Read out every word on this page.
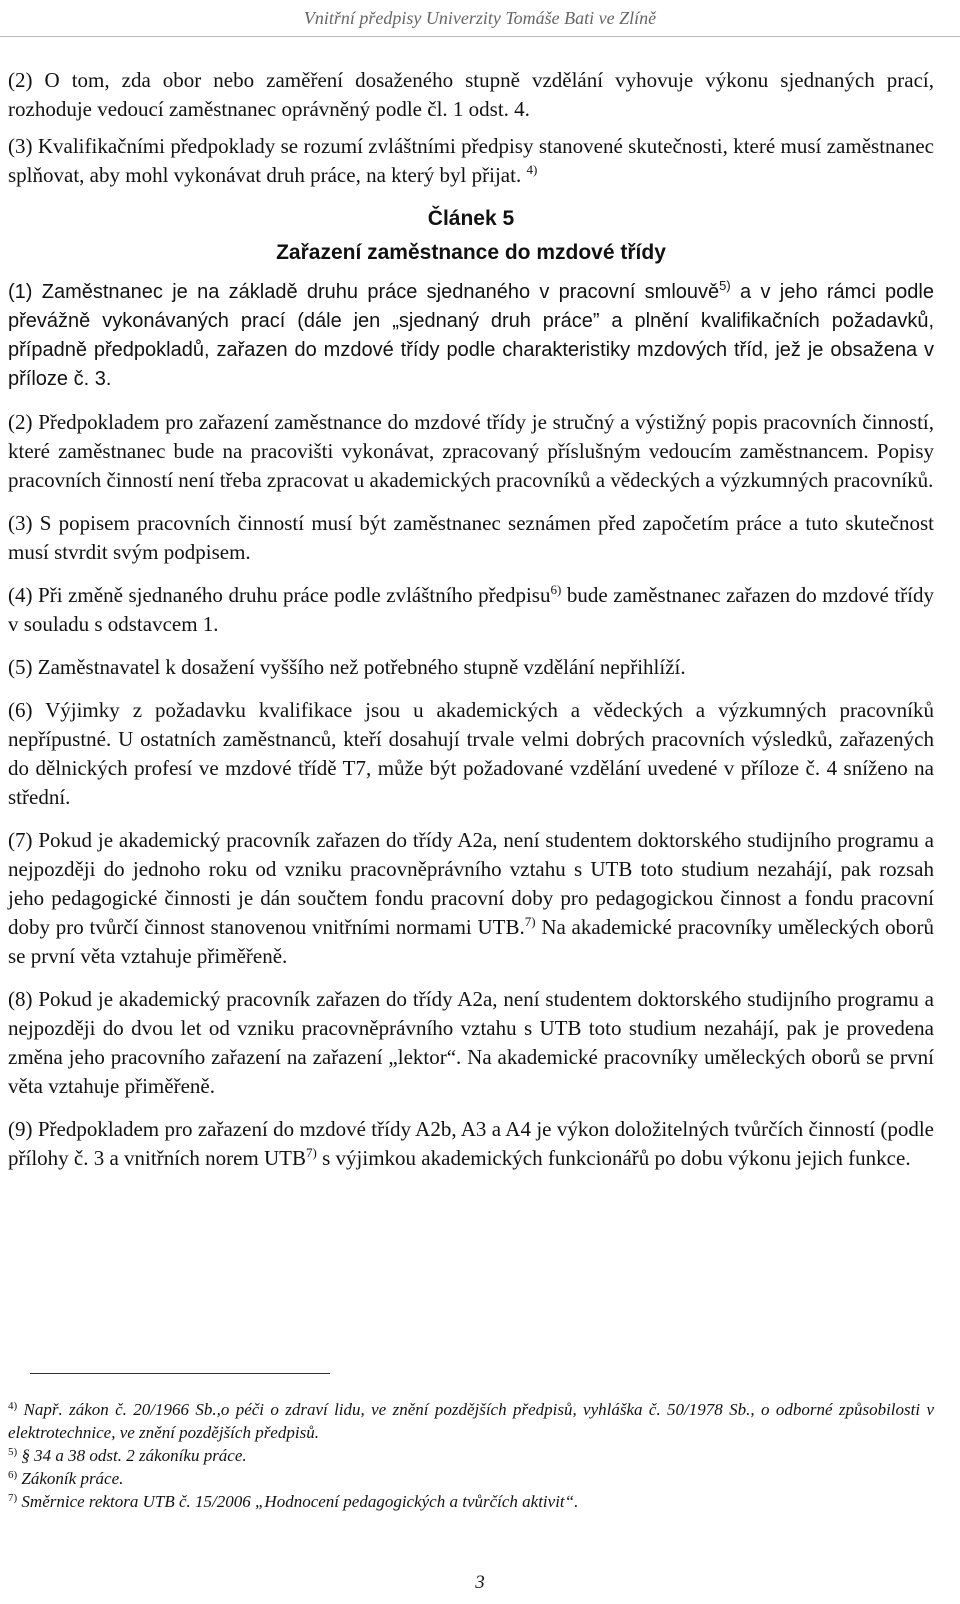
Vnitřní předpisy Univerzity Tomáše Bati ve Zlíně

(2) O tom, zda obor nebo zaměření dosaženého stupně vzdělání vyhovuje výkonu sjednaných prací, rozhoduje vedoucí zaměstnanec oprávněný podle čl. 1 odst. 4.

(3) Kvalifikačními předpoklady se rozumí zvláštními předpisy stanovené skutečnosti, které musí zaměstnanec splňovat, aby mohl vykonávat druh práce, na který byl přijat. $^{4)}$

Článek 5
Zařazení zaměstnance do mzdové třídy

(1) Zaměstnanec je na základě druhu práce sjednaného v pracovní smlouvě$^{5)}$ a v jeho rámci podle převážně vykonávaných prací (dále jen „sjednaný druh práce” a plnění kvalifikačních požadavků, případně předpokladů, zařazen do mzdové třídy podle charakteristiky mzdových tříd, jež je obsažena v příloze č. 3.

(2) Předpokladem pro zařazení zaměstnance do mzdové třídy je stručný a výstižný popis pracovních činností, které zaměstnanec bude na pracovišti vykonávat, zpracovaný příslušným vedoucím zaměstnancem. Popisy pracovních činností není třeba zpracovat u akademických pracovníků a vědeckých a výzkumných pracovníků.

(3) S popisem pracovních činností musí být zaměstnanec seznámen před započetím práce a tuto skutečnost musí stvrdit svým podpisem.

(4) Při změně sjednaného druhu práce podle zvláštního předpisu$^{6)}$ bude zaměstnanec zařazen do mzdové třídy v souladu s odstavcem 1.

(5) Zaměstnavatel k dosažení vyššího než potřebného stupně vzdělání nepřihlíží.

(6) Výjimky z požadavku kvalifikace jsou u akademických a vědeckých a výzkumných pracovníků nepřípustné. U ostatních zaměstnanců, kteří dosahují trvale velmi dobrých pracovních výsledků, zařazených do dělnických profesí ve mzdové třídě T7, může být požadované vzdělání uvedené v příloze č. 4 sníženo na střední.

(7) Pokud je akademický pracovník zařazen do třídy A2a, není studentem doktorského studijního programu a nejpozději do jednoho roku od vzniku pracovněprávního vztahu s UTB toto studium nezahájí, pak rozsah jeho pedagogické činnosti je dán součtem fondu pracovní doby pro pedagogickou činnost a fondu pracovní doby pro tvůrčí činnost stanovenou vnitřními normami UTB.$^{7)}$ Na akademické pracovníky uměleckých oborů se první věta vztahuje přiměřeně.

(8) Pokud je akademický pracovník zařazen do třídy A2a, není studentem doktorského studijního programu a nejpozději do dvou let od vzniku pracovněprávního vztahu s UTB toto studium nezahájí, pak je provedena změna jeho pracovního zařazení na zařazení „lektor“. Na akademické pracovníky uměleckých oborů se první věta vztahuje přiměřeně.

(9) Předpokladem pro zařazení do mzdové třídy A2b, A3 a A4 je výkon doložitelných tvůrčích činností (podle přílohy č. 3 a vnitřních norem UTB$^{7)}$ s výjimkou akademických funkcionářů po dobu výkonu jejich funkce.

$^{4)}$ Např. zákon č. 20/1966 Sb.,o péči o zdraví lidu, ve znění pozdějších předpisů, vyhláška č. 50/1978 Sb., o odborné způsobilosti v elektrotechnice, ve znění pozdějších předpisů.

$^{5)}$ § 34 a 38 odst. 2 zákoníku práce.

$^{6)}$ Zákoník práce.

$^{7)}$ Směrnice rektora UTB č. 15/2006 „Hodnocení pedagogických a tvůrčích aktivit“.

3
